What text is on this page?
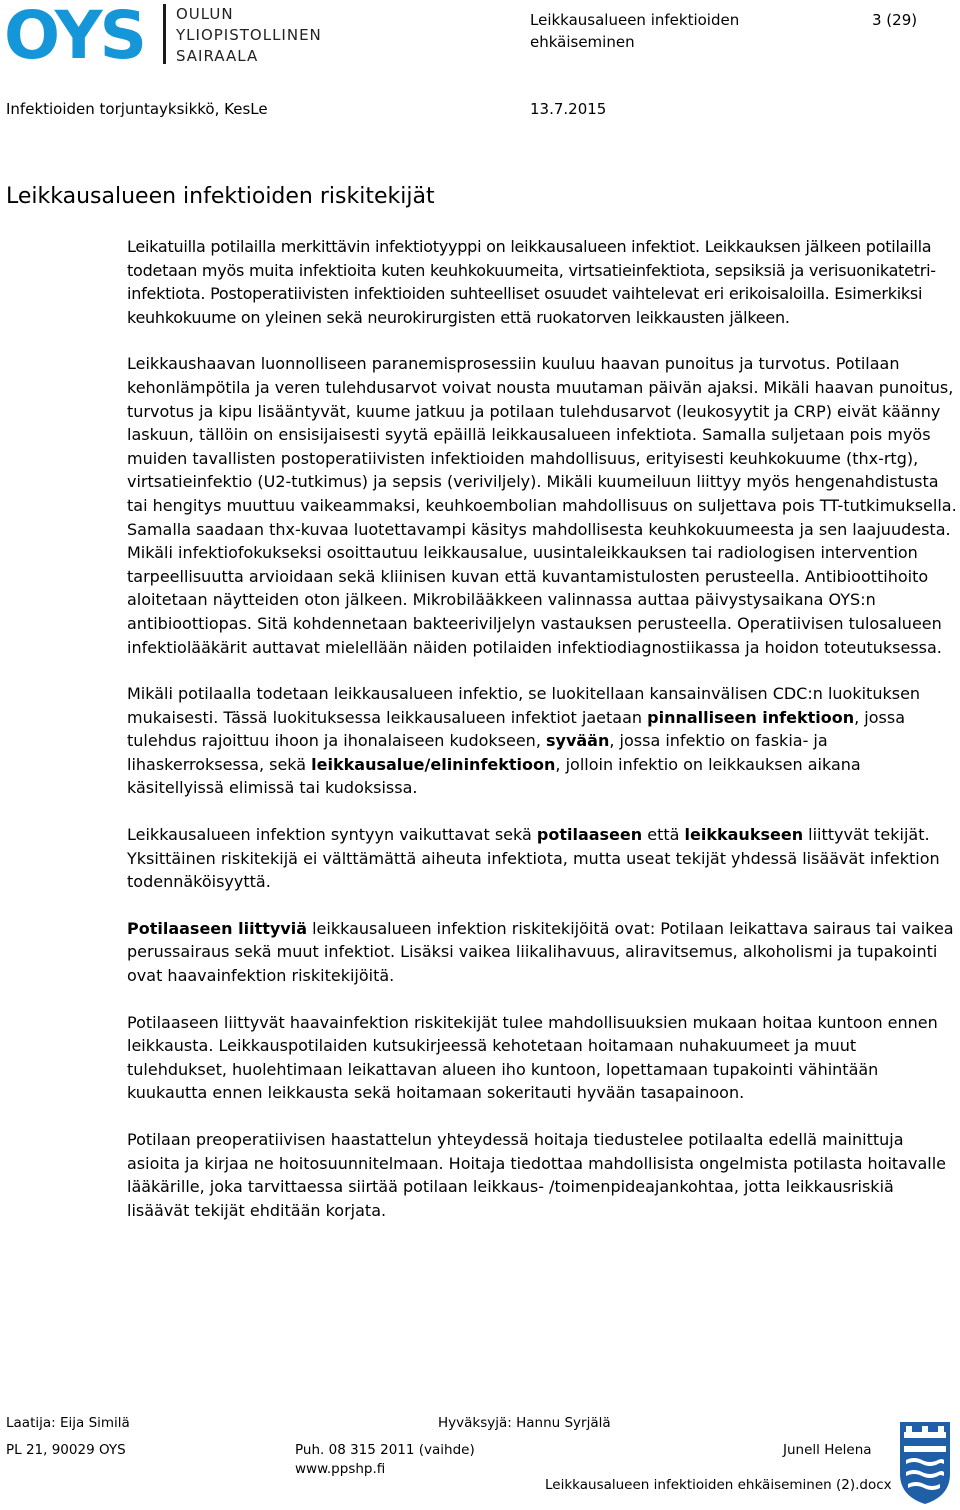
OYS OULUN
YLIOPISTOLLINEN
SAIRAALA
Leikkausalueen infektioiden ehkäiseminen
3 (29)
Infektioiden torjuntayksikkö, KesLe	13.7.2015
Leikkausalueen infektioiden riskitekijät

Leikatuilla potilailla merkittävin infektiotyyppi on leikkausalueen infektiot. Leikkauksen jälkeen potilailla todetaan myös muita infektioita kuten keuhkokuumeita, virtsatieinfektiota, sepsiksiä ja verisuonikatetri-infektiota. Postoperatiivisten infektioiden suhteelliset osuudet vaihtelevat eri erikoisaloilla. Esimerkiksi keuhkokuume on yleinen sekä neurokirurgisten että ruokatorven leikkausten jälkeen.

Leikkaushaavan luonnolliseen paranemisprosessiin kuuluu haavan punoitus ja turvotus. Potilaan kehonlämpötila ja veren tulehdusarvot voivat nousta muutaman päivän ajaksi. Mikäli haavan punoitus, turvotus ja kipu lisääntyvät, kuume jatkuu ja potilaan tulehdusarvot (leukosyytit ja CRP) eivät käänny laskuun, tällöin on ensisijaisesti syytä epäillä leikkausalueen infektiota. Samalla suljetaan pois myös muiden tavallisten postoperatiivisten infektioiden mahdollisuus, erityisesti keuhkokuume (thx-rtg), virtsatieinfektio (U2-tutkimus) ja sepsis (veriviljely). Mikäli kuumeiluun liittyy myös hengenahdistusta tai hengitys muuttuu vaikeammaksi, keuhkoembolian mahdollisuus on suljettava pois TT-tutkimuksella. Samalla saadaan thx-kuvaa luotettavampi käsitys mahdollisesta keuhkokuumeesta ja sen laajuudesta. Mikäli infektiofokukseksi osoittautuu leikkausalue, uusintaleikkauksen tai radiologisen intervention tarpeellisuutta arvioidaan sekä kliinisen kuvan että kuvantamistulosten perusteella. Antibioottihoito aloitetaan näytteiden oton jälkeen. Mikrobilääkkeen valinnassa auttaa päivystysaikana OYS:n antibioottiopas. Sitä kohdennetaan bakteeriviljelyn vastauksen perusteella. Operatiivisen tulosalueen infektiolääkärit auttavat mielellään näiden potilaiden infektiodiagnostiikassa ja hoidon toteutuksessa.

Mikäli potilaalla todetaan leikkausalueen infektio, se luokitellaan kansainvälisen CDC:n luokituksen mukaisesti. Tässä luokituksessa leikkausalueen infektiot jaetaan pinnalliseen infektioon, jossa tulehdus rajoittuu ihoon ja ihonalaiseen kudokseen, syvään, jossa infektio on faskia- ja lihaskerroksessa, sekä leikkausalue/elininfektioon, jolloin infektio on leikkauksen aikana käsitellyissä elimissä tai kudoksissa.

Leikkausalueen infektion syntyyn vaikuttavat sekä potilaaseen että leikkaukseen liittyvät tekijät. Yksittäinen riskitekijä ei välttämättä aiheuta infektiota, mutta useat tekijät yhdessä lisäävät infektion todennäköisyyttä.

Potilaaseen liittyviä leikkausalueen infektion riskitekijöitä ovat: Potilaan leikattava sairaus tai vaikea perussairaus sekä muut infektiot. Lisäksi vaikea liikalihavuus, aliravitsemus, alkoholismi ja tupakointi ovat haavainfektion riskitekijöitä.

Potilaaseen liittyvät haavainfektion riskitekijät tulee mahdollisuuksien mukaan hoitaa kuntoon ennen leikkausta. Leikkauspotilaiden kutsukirjeessä kehotetaan hoitamaan nuhakuumeet ja muut tulehdukset, huolehtimaan leikattavan alueen iho kuntoon, lopettamaan tupakointi vähintään kuukautta ennen leikkausta sekä hoitamaan sokeritauti hyvään tasapainoon.

Potilaan preoperatiivisen haastattelun yhteydessä hoitaja tiedustelee potilaalta edellä mainittuja asioita ja kirjaa ne hoitosuunnitelmaan. Hoitaja tiedottaa mahdollisista ongelmista potilasta hoitavalle lääkärille, joka tarvittaessa siirtää potilaan leikkaus- /toimenpideajankohtaa, jotta leikkausriskiä lisäävät tekijät ehditään korjata.

Laatija: Eija Similä	Hyväksyjä: Hannu Syrjälä
PL 21, 90029 OYS	Puh. 08 315 2011 (vaihde)
www.ppshp.fi
Junell Helena
Leikkausalueen infektioiden ehkäiseminen (2).docx
